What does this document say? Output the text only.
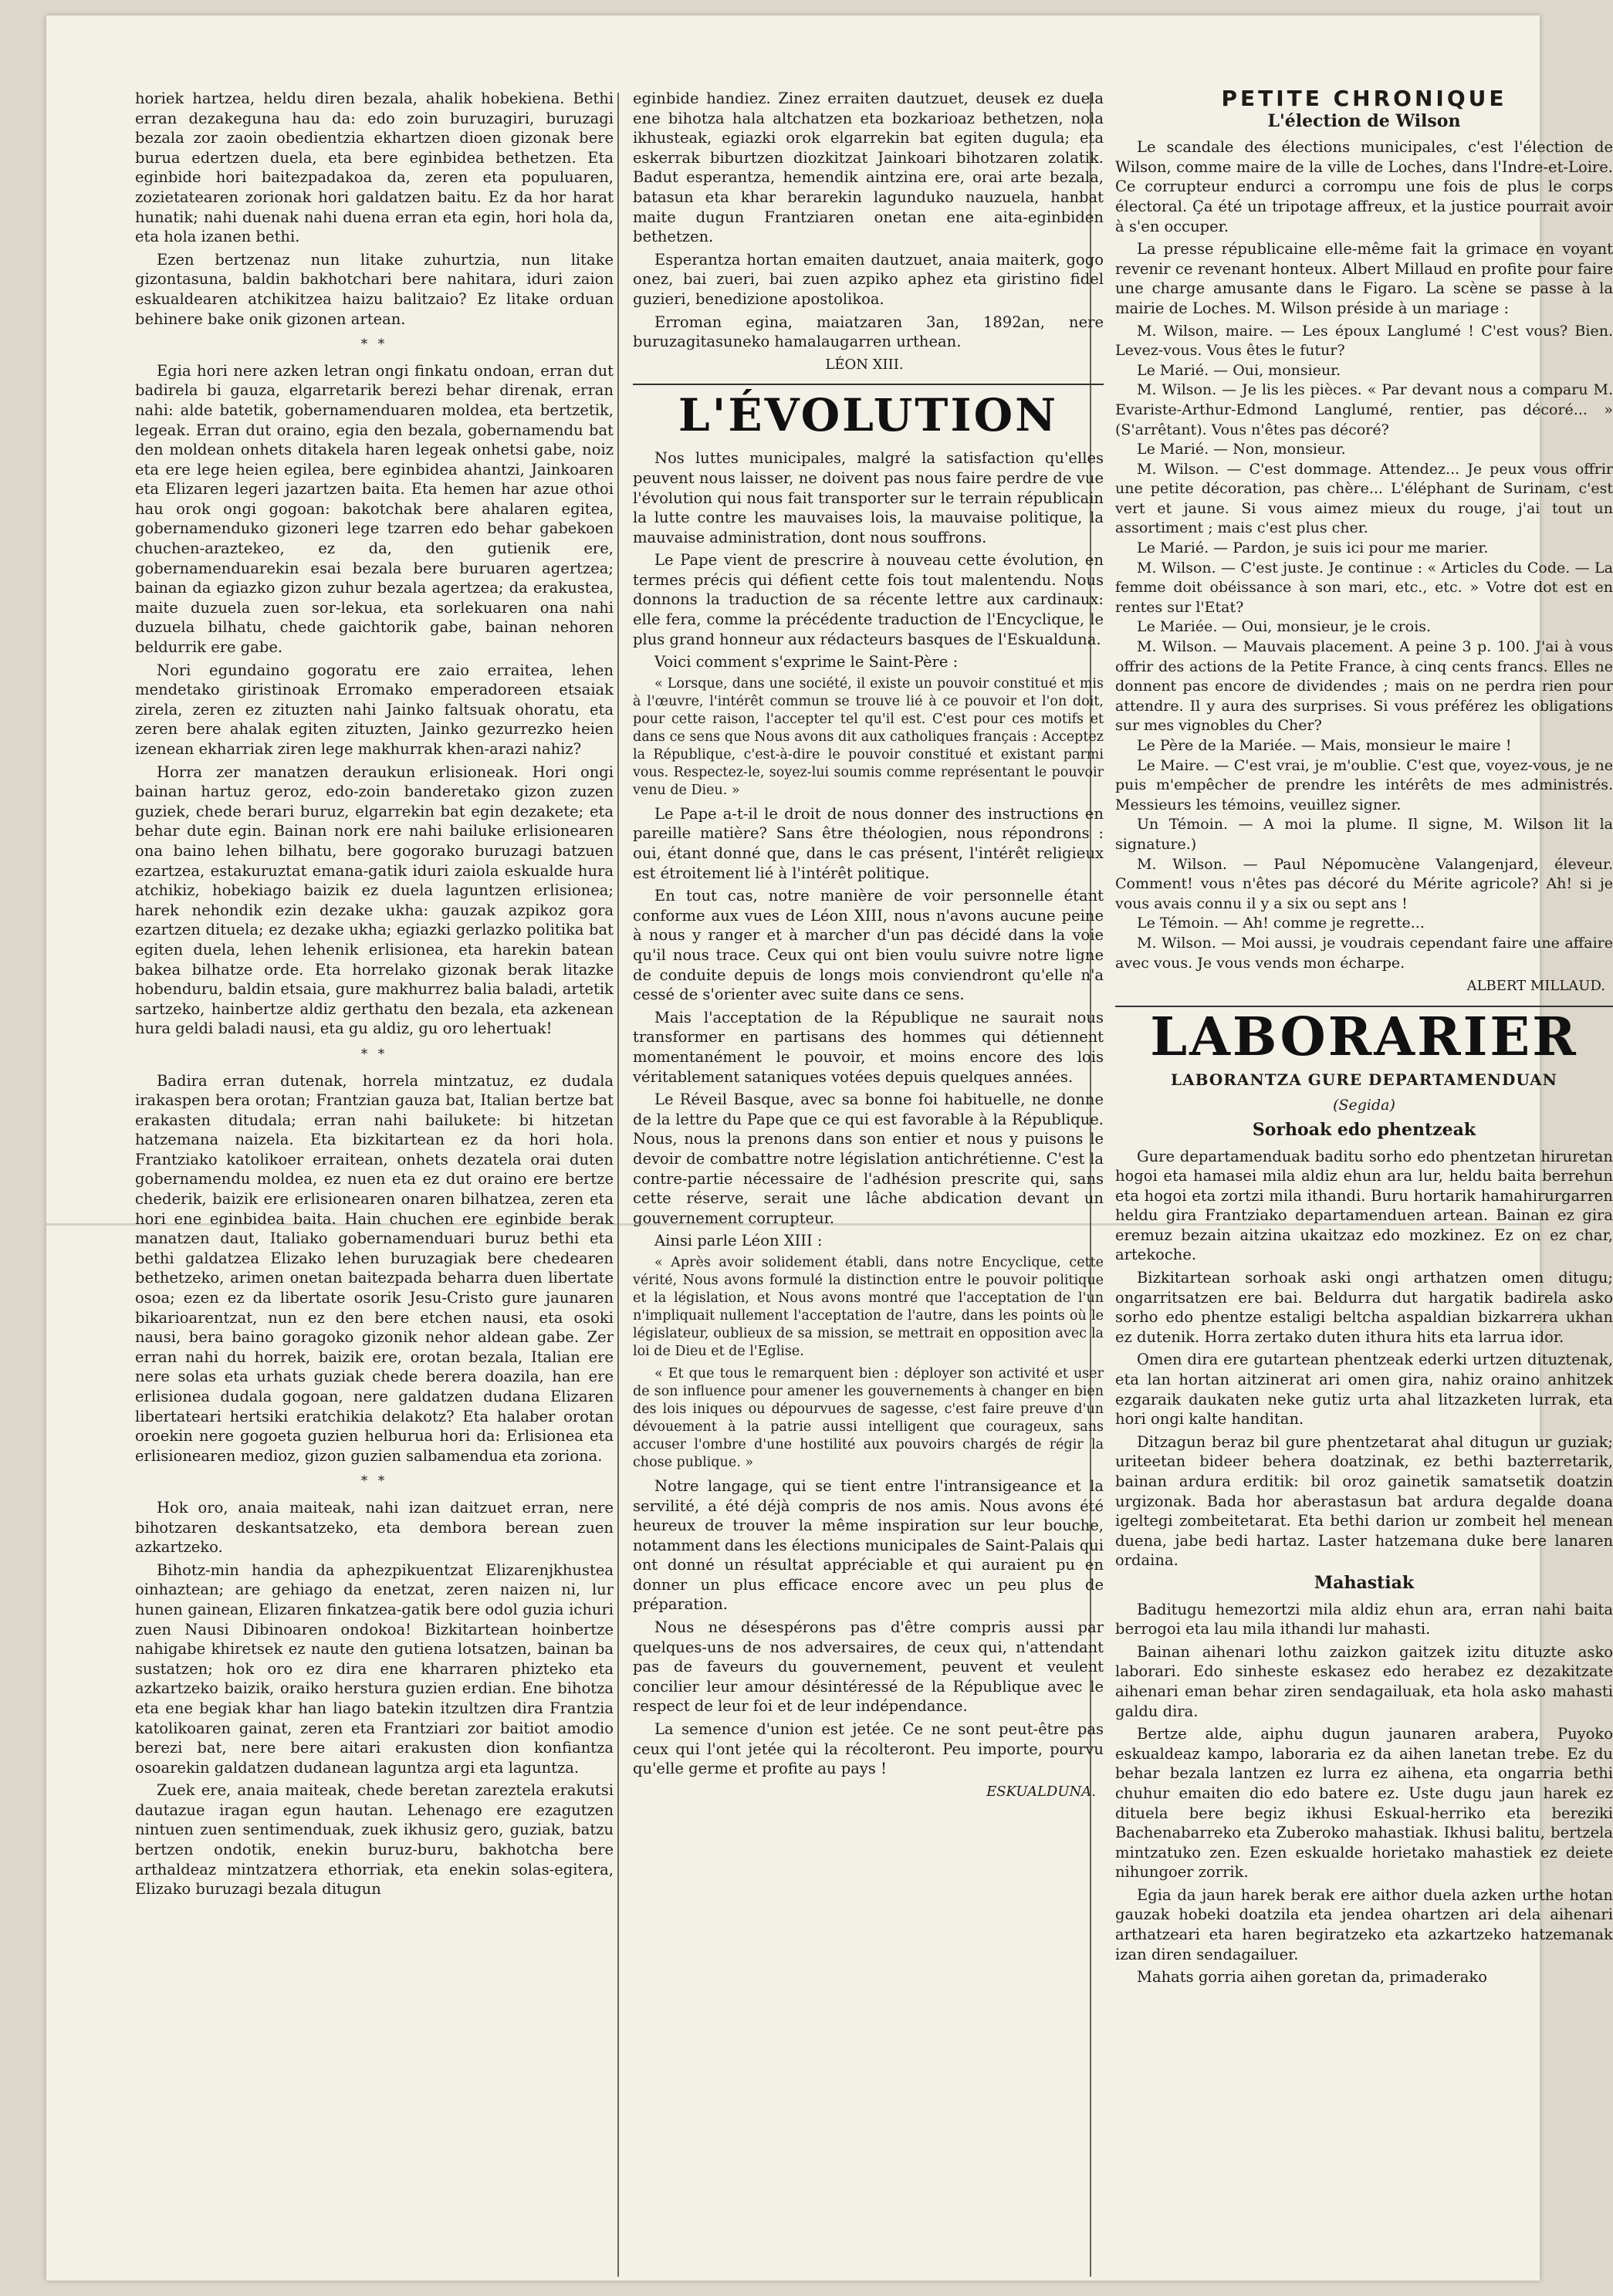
horiek hartzea, heldu diren bezala, ahalik hobekiena. Bethi erran dezakeguna hau da: edo zoin buruzagiri, buruzagi bezala zor zaoin obedientzia ekhartzen dioen gizonak bere burua edertzen duela, eta bere eginbidea bethetzen. Eta eginbide hori baitezpadakoa da, zeren eta populuaren, zozietatearen zorionak hori galdatzen baitu. Ez da hor harat hunatik; nahi duenak nahi duena erran eta egin, hori hola da, eta hola izanen bethi.

Ezen bertzenaz nun litake zuhurtzia, nun litake gizontasuna, baldin bakhotchari bere nahitara, iduri zaion eskualdearen atchikitzea haizu balitzaio? Ez litake orduan behinere bake onik gizonen artean.

* *

Egia hori nere azken letran ongi finkatu ondoan, erran dut badirela bi gauza, elgarretarik berezi behar direnak, erran nahi: alde batetik, gobernamenduaren moldea, eta bertzetik, legeak. Erran dut oraino, egia den bezala, gobernamendu bat den moldean onhets ditakela haren legeak onhetsi gabe, noiz eta ere lege heien egilea, bere eginbidea ahantzi, Jainkoaren eta Elizaren legeri jazartzen baita. Eta hemen har azue othoi hau orok ongi gogoan: bakotchak bere ahalaren egitea, gobernamenduko gizoneri lege tzarren edo behar gabekoen chuchen-araztekeo, ez da, den gutienik ere, gobernamenduarekin esai bezala bere buruaren agertzea; bainan da egiazko gizon zuhur bezala agertzea; da erakustea, maite duzuela zuen sor-lekua, eta sorlekuaren ona nahi duzuela bilhatu, chede gaichtorik gabe, bainan nehoren beldurrik ere gabe.

Nori egundaino gogoratu ere zaio erraitea, lehen mendetako giristinoak Erromako emperadoreen etsaiak zirela, zeren ez zituzten nahi Jainko faltsuak ohoratu, eta zeren bere ahalak egiten zituzten, Jainko gezurrezko heien izenean ekharriak ziren lege makhurrak khen-arazi nahiz?

Horra zer manatzen deraukun erlisioneak. Hori ongi bainan hartuz geroz, edo-zoin banderetako gizon zuzen guziek, chede berari buruz, elgarrekin bat egin dezakete; eta behar dute egin. Bainan nork ere nahi bailuke erlisionearen ona baino lehen bilhatu, bere gogorako buruzagi batzuen ezartzea, estakuruztat emana-gatik iduri zaiola eskualde hura atchikiz, hobekiago baizik ez duela laguntzen erlisionea; harek nehondik ezin dezake ukha: gauzak azpikoz gora ezartzen dituela; ez dezake ukha; egiazki gerlazko politika bat egiten duela, lehen lehenik erlisionea, eta harekin batean bakea bilhatze orde. Eta horrelako gizonak berak litazke hobenduru, baldin etsaia, gure makhurrez balia baladi, artetik sartzeko, hainbertze aldiz gerthatu den bezala, eta azkenean hura geldi baladi nausi, eta gu aldiz, gu oro lehertuak!

* *

Badira erran dutenak, horrela mintzatuz, ez dudala irakaspen bera orotan; Frantzian gauza bat, Italian bertze bat erakasten ditudala; erran nahi bailukete: bi hitzetan hatzemana naizela. Eta bizkitartean ez da hori hola. Frantziako katolikoer erraitean, onhets dezatela orai duten gobernamendu moldea, ez nuen eta ez dut oraino ere bertze chederik, baizik ere erlisionearen onaren bilhatzea, zeren eta hori ene eginbidea baita. Hain chuchen ere eginbide berak manatzen daut, Italiako gobernamenduari buruz bethi eta bethi galdatzea Elizako lehen buruzagiak bere chedearen bethetzeko, arimen onetan baitezpada beharra duen libertate osoa; ezen ez da libertate osorik Jesu-Cristo gure jaunaren bikarioarentzat, nun ez den bere etchen nausi, eta osoki nausi, bera baino goragoko gizonik nehor aldean gabe. Zer erran nahi du horrek, baizik ere, orotan bezala, Italian ere nere solas eta urhats guziak chede berera doazila, han ere erlisionea dudala gogoan, nere galdatzen dudana Elizaren libertateari hertsiki eratchikia delakotz? Eta halaber orotan oroekin nere gogoeta guzien helburua hori da: Erlisionea eta erlisionearen medioz, gizon guzien salbamendua eta zoriona.

* *

Hok oro, anaia maiteak, nahi izan daitzuet erran, nere bihotzaren deskantsatzeko, eta dembora berean zuen azkartzeko.

Bihotz-min handia da aphezpikuentzat Elizarenjkhustea oinhaztean; are gehiago da enetzat, zeren naizen ni, lur hunen gainean, Elizaren finkatzea-gatik bere odol guzia ichuri zuen Nausi Dibinoaren ondokoa! Bizkitartean hoinbertze nahigabe khiretsek ez naute den gutiena lotsatzen, bainan ba sustatzen; hok oro ez dira ene kharraren phizteko eta azkartzeko baizik, oraiko herstura guzien erdian. Ene bihotza eta ene begiak khar han liago batekin itzultzen dira Frantzia katolikoaren gainat, zeren eta Frantziari zor baitiot amodio berezi bat, nere bere aitari erakusten dion konfiantza osoarekin galdatzen dudanean laguntza argi eta laguntza.

Zuek ere, anaia maiteak, chede beretan zareztela erakutsi dautazue iragan egun hautan. Lehenago ere ezagutzen nintuen zuen sentimenduak, zuek ikhusiz gero, guziak, batzu bertzen ondotik, enekin buruz-buru, bakhotcha bere arthaldeaz mintzatzera ethorriak, eta enekin solas-egitera, Elizako buruzagi bezala ditugun

eginbide handiez. Zinez erraiten dautzuet, deusek ez duela ene bihotza hala altchatzen eta bozkarioaz bethetzen, nola ikhusteak, egiazki orok elgarrekin bat egiten dugula; eta eskerrak biburtzen diozkitzat Jainkoari bihotzaren zolatik. Badut esperantza, hemendik aintzina ere, orai arte bezala, batasun eta khar berarekin lagunduko nauzuela, hanbat maite dugun Frantziaren onetan ene aita-eginbiden bethetzen.

Esperantza hortan emaiten dautzuet, anaia maiterk, gogo onez, bai zueri, bai zuen azpiko aphez eta giristino fidel guzieri, benedizione apostolikoa.

Erroman egina, maiatzaren 3an, 1892an, nere buruzagitasuneko hamalaugarren urthean.

LÉON XIII.
L'ÉVOLUTION

Nos luttes municipales, malgré la satisfaction qu'elles peuvent nous laisser, ne doivent pas nous faire perdre de vue l'évolution qui nous fait transporter sur le terrain républicain la lutte contre les mauvaises lois, la mauvaise politique, la mauvaise administration, dont nous souffrons.

Le Pape vient de prescrire à nouveau cette évolution, en termes précis qui défient cette fois tout malentendu. Nous donnons la traduction de sa récente lettre aux cardinaux: elle fera, comme la précédente traduction de l'Encyclique, le plus grand honneur aux rédacteurs basques de l'Eskualduna.

Voici comment s'exprime le Saint-Père :

« Lorsque, dans une société, il existe un pouvoir constitué et mis à l'œuvre, l'intérêt commun se trouve lié à ce pouvoir et l'on doit, pour cette raison, l'accepter tel qu'il est. C'est pour ces motifs et dans ce sens que Nous avons dit aux catholiques français : Acceptez la République, c'est-à-dire le pouvoir constitué et existant parmi vous. Respectez-le, soyez-lui soumis comme représentant le pouvoir venu de Dieu. »

Le Pape a-t-il le droit de nous donner des instructions en pareille matière? Sans être théologien, nous répondrons : oui, étant donné que, dans le cas présent, l'intérêt religieux est étroitement lié à l'intérêt politique.

En tout cas, notre manière de voir personnelle étant conforme aux vues de Léon XIII, nous n'avons aucune peine à nous y ranger et à marcher d'un pas décidé dans la voie qu'il nous trace. Ceux qui ont bien voulu suivre notre ligne de conduite depuis de longs mois conviendront qu'elle n'a cessé de s'orienter avec suite dans ce sens.

Mais l'acceptation de la République ne saurait nous transformer en partisans des hommes qui détiennent momentanément le pouvoir, et moins encore des lois véritablement sataniques votées depuis quelques années.

Le Réveil Basque, avec sa bonne foi habituelle, ne donne de la lettre du Pape que ce qui est favorable à la République. Nous, nous la prenons dans son entier et nous y puisons le devoir de combattre notre législation antichrétienne. C'est la contre-partie nécessaire de l'adhésion prescrite qui, sans cette réserve, serait une lâche abdication devant un gouvernement corrupteur.

Ainsi parle Léon XIII :

« Après avoir solidement établi, dans notre Encyclique, cette vérité, Nous avons formulé la distinction entre le pouvoir politique et la législation, et Nous avons montré que l'acceptation de l'un n'impliquait nullement l'acceptation de l'autre, dans les points où le législateur, oublieux de sa mission, se mettrait en opposition avec la loi de Dieu et de l'Eglise.

« Et que tous le remarquent bien : déployer son activité et user de son influence pour amener les gouvernements à changer en bien des lois iniques ou dépourvues de sagesse, c'est faire preuve d'un dévouement à la patrie aussi intelligent que courageux, sans accuser l'ombre d'une hostilité aux pouvoirs chargés de régir la chose publique. »

Notre langage, qui se tient entre l'intransigeance et la servilité, a été déjà compris de nos amis. Nous avons été heureux de trouver la même inspiration sur leur bouche, notamment dans les élections municipales de Saint-Palais qui ont donné un résultat appréciable et qui auraient pu en donner un plus efficace encore avec un peu plus de préparation.

Nous ne désespérons pas d'être compris aussi par quelques-uns de nos adversaires, de ceux qui, n'attendant pas de faveurs du gouvernement, peuvent et veulent concilier leur amour désintéressé de la République avec le respect de leur foi et de leur indépendance.

La semence d'union est jetée. Ce ne sont peut-être pas ceux qui l'ont jetée qui la récolteront. Peu importe, pourvu qu'elle germe et profite au pays !

ESKUALDUNA.
PETITE CHRONIQUE
L'élection de Wilson

Le scandale des élections municipales, c'est l'élection de Wilson, comme maire de la ville de Loches, dans l'Indre-et-Loire. Ce corrupteur endurci a corrompu une fois de plus le corps électoral. Ça été un tripotage affreux, et la justice pourrait avoir à s'en occuper.

La presse républicaine elle-même fait la grimace en voyant revenir ce revenant honteux. Albert Millaud en profite pour faire une charge amusante dans le Figaro. La scène se passe à la mairie de Loches. M. Wilson préside à un mariage :

M. Wilson, maire. — Les époux Langlumé ! C'est vous? Bien. Levez-vous. Vous êtes le futur?

Le Marié. — Oui, monsieur.

M. Wilson. — Je lis les pièces. « Par devant nous a comparu M. Evariste-Arthur-Edmond Langlumé, rentier, pas décoré... » (S'arrêtant). Vous n'êtes pas décoré?

Le Marié. — Non, monsieur.

M. Wilson. — C'est dommage. Attendez... Je peux vous offrir une petite décoration, pas chère... L'éléphant de Surinam, c'est vert et jaune. Si vous aimez mieux du rouge, j'ai tout un assortiment ; mais c'est plus cher.

Le Marié. — Pardon, je suis ici pour me marier.

M. Wilson. — C'est juste. Je continue : « Articles du Code. — La femme doit obéissance à son mari, etc., etc. » Votre dot est en rentes sur l'Etat?

Le Mariée. — Oui, monsieur, je le crois.

M. Wilson. — Mauvais placement. A peine 3 p. 100. J'ai à vous offrir des actions de la Petite France, à cinq cents francs. Elles ne donnent pas encore de dividendes ; mais on ne perdra rien pour attendre. Il y aura des surprises. Si vous préférez les obligations sur mes vignobles du Cher?

Le Père de la Mariée. — Mais, monsieur le maire !

Le Maire. — C'est vrai, je m'oublie. C'est que, voyez-vous, je ne puis m'empêcher de prendre les intérêts de mes administrés. Messieurs les témoins, veuillez signer.

Un Témoin. — A moi la plume. Il signe, M. Wilson lit la signature.)

M. Wilson. — Paul Népomucène Valangenjard, éleveur. Comment! vous n'êtes pas décoré du Mérite agricole? Ah! si je vous avais connu il y a six ou sept ans !

Le Témoin. — Ah! comme je regrette...

M. Wilson. — Moi aussi, je voudrais cependant faire une affaire avec vous. Je vous vends mon écharpe.

ALBERT MILLAUD.
LABORARIER
LABORANTZA GURE DEPARTAMENDUAN
(Segida)
Sorhoak edo phentzeak

Gure departamenduak baditu sorho edo phentzetan hiruretan hogoi eta hamasei mila aldiz ehun ara lur, heldu baita berrehun eta hogoi eta zortzi mila ithandi. Buru hortarik hamahirurgarren heldu gira Frantziako departamenduen artean. Bainan ez gira eremuz bezain aitzina ukaitzaz edo mozkinez. Ez on ez char, artekoche.

Bizkitartean sorhoak aski ongi arthatzen omen ditugu; ongarritsatzen ere bai. Beldurra dut hargatik badirela asko sorho edo phentze estaligi beltcha aspaldian bizkarrera ukhan ez dutenik. Horra zertako duten ithura hits eta larrua idor.

Omen dira ere gutartean phentzeak ederki urtzen dituztenak, eta lan hortan aitzinerat ari omen gira, nahiz oraino anhitzek ezgaraik daukaten neke gutiz urta ahal litzazketen lurrak, eta hori ongi kalte handitan.

Ditzagun beraz bil gure phentzetarat ahal ditugun ur guziak; uriteetan bideer behera doatzinak, ez bethi bazterretarik, bainan ardura erditik: bil oroz gainetik samatsetik doatzin urgizonak. Bada hor aberastasun bat ardura degalde doana igeltegi zombeitetarat. Eta bethi darion ur zombeit hel menean duena, jabe bedi hartaz. Laster hatzemana duke bere lanaren ordaina.

Mahastiak

Baditugu hemezortzi mila aldiz ehun ara, erran nahi baita berrogoi eta lau mila ithandi lur mahasti.

Bainan aihenari lothu zaizkon gaitzek izitu dituzte asko laborari. Edo sinheste eskasez edo herabez ez dezakitzate aihenari eman behar ziren sendagailuak, eta hola asko mahasti galdu dira.

Bertze alde, aiphu dugun jaunaren arabera, Puyoko eskualdeaz kampo, laboraria ez da aihen lanetan trebe. Ez du behar bezala lantzen ez lurra ez aihena, eta ongarria bethi chuhur emaiten dio edo batere ez. Uste dugu jaun harek ez dituela bere begiz ikhusi Eskual-herriko eta bereziki Bachenabarreko eta Zuberoko mahastiak. Ikhusi balitu, bertzela mintzatuko zen. Ezen eskualde horietako mahastiek ez deiete nihungoer zorrik.

Egia da jaun harek berak ere aithor duela azken urthe hotan gauzak hobeki doatzila eta jendea ohartzen ari dela aihenari arthatzeari eta haren begiratzeko eta azkartzeko hatzemanak izan diren sendagailuer.

Mahats gorria aihen goretan da, primaderako
